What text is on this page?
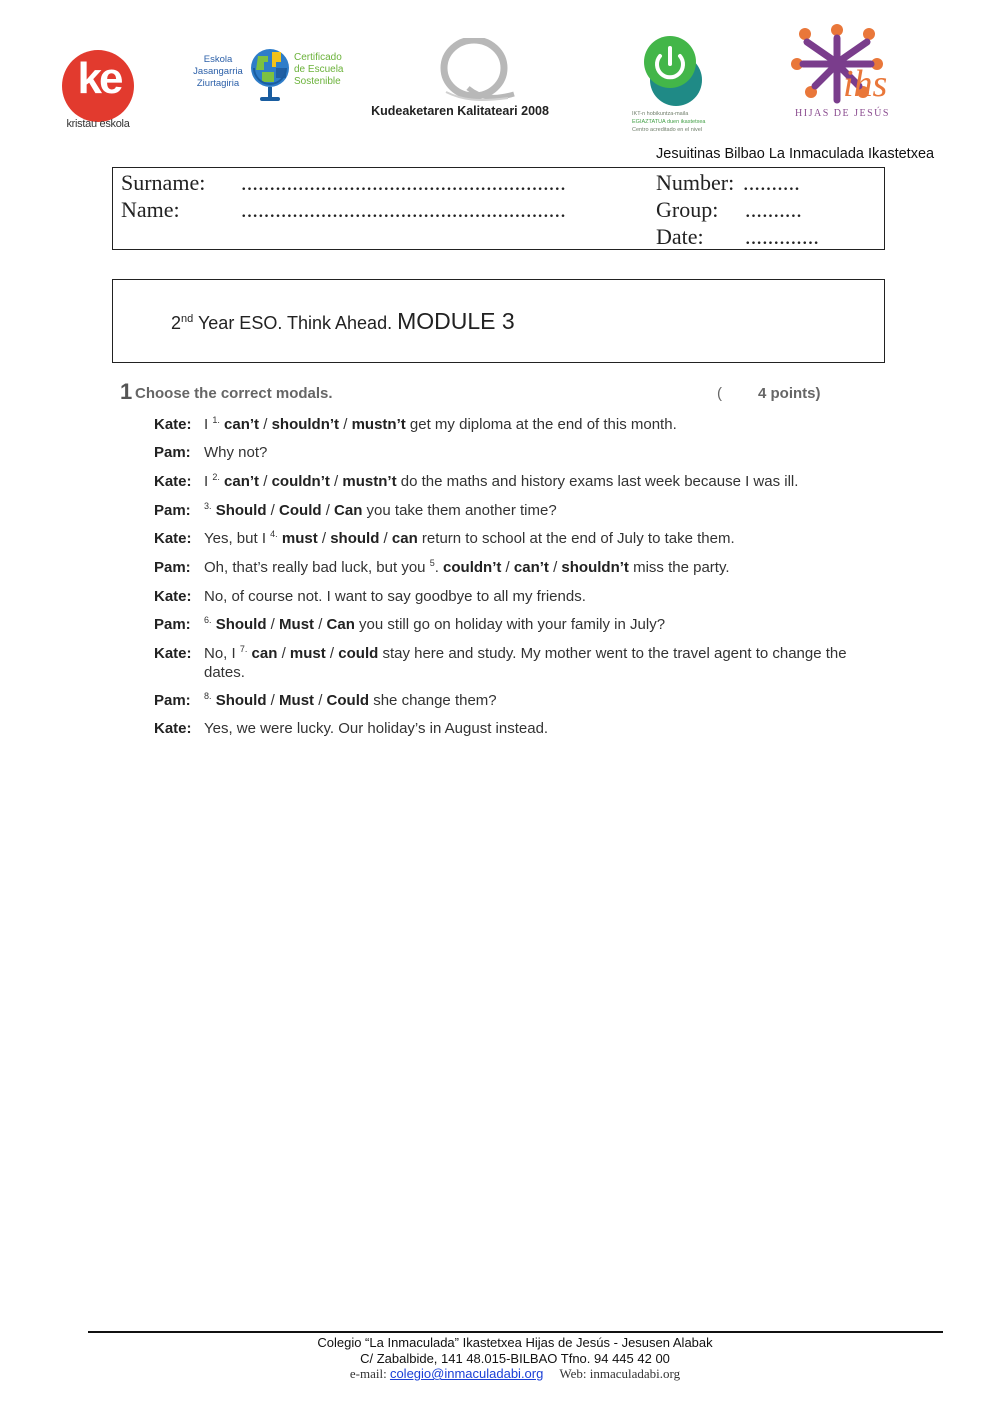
ke
kristau eskola
Eskola
Jasangarria
Ziurtagiria
Certificado
de Escuela
Sostenible
Kudeaketaren Kalitateari 2008	IKT-n hobikuntza-maila
EGIAZTATUA duen ikastetxea
Centro acreditado en el nivel
ihs
HIJAS DE JESÚS
Jesuitinas Bilbao La Inmaculada Ikastetxea
Surname: .........................................................
Name:	.........................................................
Number: ..........
Group: ..........
Date: .............
2nd Year ESO. Think Ahead. MODULE 3
1 Choose the correct modals.	( 4 points)
Kate: I $^{1.}$ can’t / shouldn’t / mustn’t get my diploma at the end of this month.
Pam: Why not?
Kate: I $^{2.}$ can’t / couldn’t / mustn’t do the maths and history exams last week because I was ill.
Pam:	$^{3.}$ Should / Could / Can you take them another time?
Kate: Yes, but I $^{4.}$ must / should / can return to school at the end of July to take them.
Pam: Oh, that’s really bad luck, but you $^5$. couldn’t / can’t / shouldn’t miss the party.
Kate: No, of course not. I want to say goodbye to all my friends.
Pam:	$^{6.}$ Should / Must / Can you still go on holiday with your family in July?
Kate: No, I $^{7.}$ can / must / could stay here and study. My mother went to the travel agent to change the dates.
Pam:	$^{8.}$ Should / Must / Could she change them?
Kate: Yes, we were lucky. Our holiday’s in August instead.
Colegio “La Inmaculada” Ikastetxea Hijas de Jesús - Jesusen Alabak
C/ Zabalbide, 141 48.015-BILBAO Tfno. 94 445 42 00
e-mail: colegio@inmaculadabi.org     Web: inmaculadabi.org
